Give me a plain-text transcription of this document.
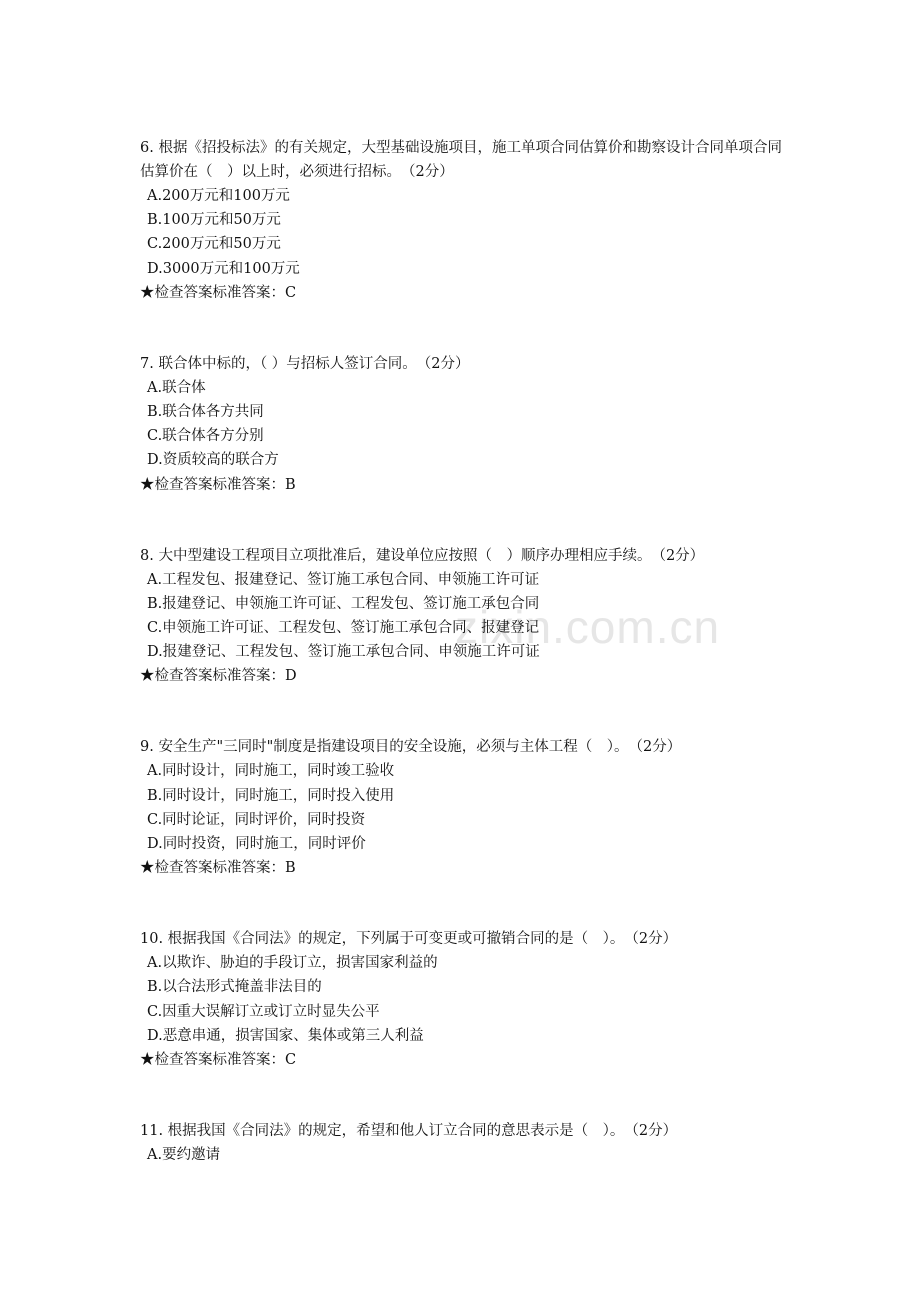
zixin.com.cn

6. 根据《招投标法》的有关规定，大型基础设施项目，施工单项合同估算价和勘察设计合同单项合同估算价在（　）以上时，必须进行招标。　（2分）

A.200万元和100万元

B.100万元和50万元

C.200万元和50万元

D.3000万元和100万元

★检查答案标准答案：C

7. 联合体中标的，（ ）与招标人签订合同。　（2分）

A.联合体

B.联合体各方共同

C.联合体各方分别

D.资质较高的联合方

★检查答案标准答案：B

8. 大中型建设工程项目立项批准后，建设单位应按照（　）顺序办理相应手续。　（2分）

A.工程发包、报建登记、签订施工承包合同、申领施工许可证

B.报建登记、申领施工许可证、工程发包、签订施工承包合同

C.申领施工许可证、工程发包、签订施工承包合同、报建登记

D.报建登记、工程发包、签订施工承包合同、申领施工许可证

★检查答案标准答案：D

9. 安全生产"三同时"制度是指建设项目的安全设施，必须与主体工程（　）。　（2分）

A.同时设计，同时施工，同时竣工验收

B.同时设计，同时施工，同时投入使用

C.同时论证，同时评价，同时投资

D.同时投资，同时施工，同时评价

★检查答案标准答案：B

10. 根据我国《合同法》的规定，下列属于可变更或可撤销合同的是（　）。　（2分）

A.以欺诈、胁迫的手段订立，损害国家利益的

B.以合法形式掩盖非法目的

C.因重大误解订立或订立时显失公平

D.恶意串通，损害国家、集体或第三人利益

★检查答案标准答案：C

11. 根据我国《合同法》的规定，希望和他人订立合同的意思表示是（　）。　（2分）

A.要约邀请
